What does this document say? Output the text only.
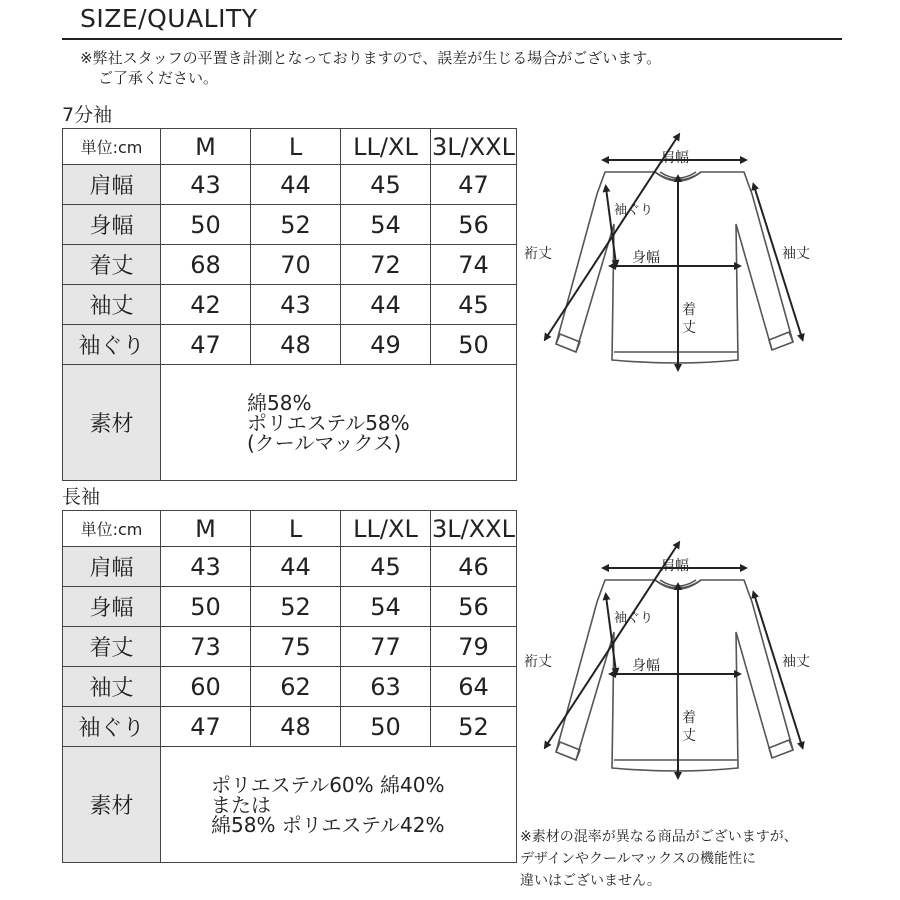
SIZE/QUALITY
※弊社スタッフの平置き計測となっておりますので、誤差が生じる場合がございます。
ご了承ください。
7分袖
単位:cm	M	L	LL/XL	3L/XXL
肩幅	43	44	45	47
身幅	50	52	54	56
着丈	68	70	72	74
袖丈	42	43	44	45
袖ぐり	47	48	49	50
素材	綿58%
ポリエステル58%
(クールマックス)			
長袖
単位:cm	M	L	LL/XL	3L/XXL
肩幅	43	44	45	46
身幅	50	52	54	56
着丈	73	75	77	79
袖丈	60	62	63	64
袖ぐり	47	48	50	52
素材	ポリエステル60% 綿40%
または
綿58% ポリエステル42%			
肩幅
袖ぐり
裄丈	身幅	袖丈
着
丈
肩幅
袖ぐり
裄丈	身幅	袖丈
着
丈
※素材の混率が異なる商品がございますが、
デザインやクールマックスの機能性に
違いはございません。
